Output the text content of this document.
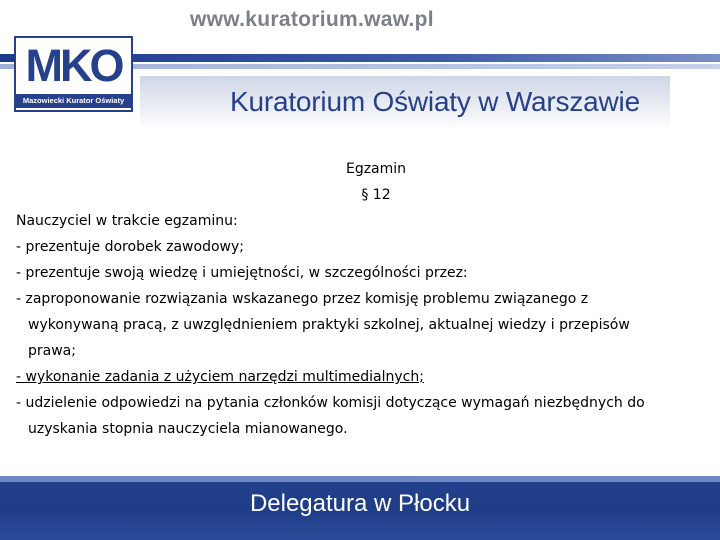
www.kuratorium.waw.pl
Kuratorium Oświaty w Warszawie
MKO
Mazowiecki Kurator Oświaty
Egzamin
§ 12
Nauczyciel w trakcie egzaminu:
- prezentuje dorobek zawodowy;
- prezentuje swoją wiedzę i umiejętności, w szczególności przez:
- zaproponowanie rozwiązania wskazanego przez komisję problemu związanego z
wykonywaną pracą, z uwzględnieniem praktyki szkolnej, aktualnej wiedzy i przepisów
prawa;
- wykonanie zadania z użyciem narzędzi multimedialnych;
- udzielenie odpowiedzi na pytania członków komisji dotyczące wymagań niezbędnych do
uzyskania stopnia nauczyciela mianowanego.
Delegatura w Płocku
